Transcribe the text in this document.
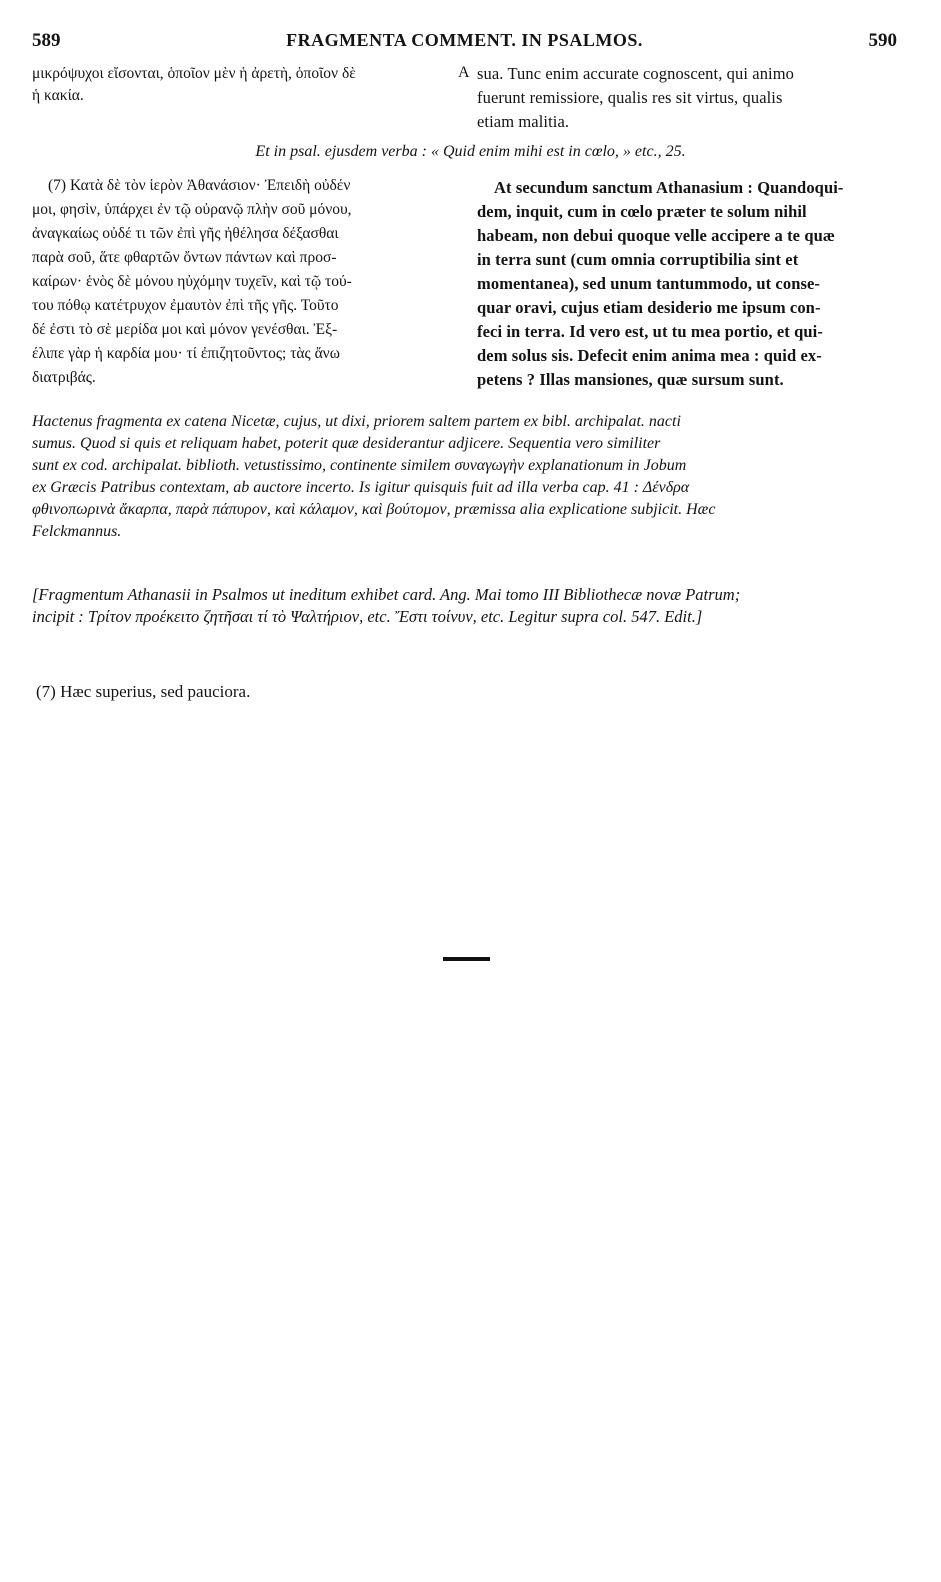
589	FRAGMENTA COMMENT. IN PSALMOS.	590
μικρόψυχοι εἴσονται, ὁποῖον μὲν ἡ ἀρετὴ, ὁποῖον δὲ
ἡ κακία.
A sua. Tunc enim accurate cognoscent, qui animo
fuerunt remissiore, qualis res sit virtus, qualis
etiam malitia.
Et in psal. ejusdem verba : « Quid enim mihi est in cœlo, » etc., 25.
(7) Κατὰ δὲ τὸν ἱερὸν Ἀθανάσιον· Ἐπειδὴ οὐδέν
μοι, φησὶν, ὑπάρχει ἐν τῷ οὐρανῷ πλὴν σοῦ μόνου,
ἀναγκαίως οὐδέ τι τῶν ἐπὶ γῆς ἠθέλησα δέξασθαι
παρὰ σοῦ, ἅτε φθαρτῶν ὄντων πάντων καὶ προσ-
καίρων· ἑνὸς δὲ μόνου ηὐχόμην τυχεῖν, καὶ τῷ τού-
του πόθῳ κατέτρυχον ἐμαυτὸν ἐπὶ τῆς γῆς. Τοῦτο
δέ ἐστι τὸ σὲ μερίδα μοι καὶ μόνον γενέσθαι. Ἐξ-
έλιπε γὰρ ἡ καρδία μου· τί ἐπιζητοῦντος; τὰς ἄνω
διατριβάς.
At secundum sanctum Athanasium : Quandoqui-
dem, inquit, cum in cœlo præter te solum nihil
habeam, non debui quoque velle accipere a te quæ
in terra sunt (cum omnia corruptibilia sint et
momentanea), sed unum tantummodo, ut conse-
quar oravi, cujus etiam desiderio me ipsum con-
feci in terra. Id vero est, ut tu mea portio, et qui-
dem solus sis. Defecit enim anima mea : quid ex-
petens ? Illas mansiones, quæ sursum sunt.
Hactenus fragmenta ex catena Nicetæ, cujus, ut dixi, priorem saltem partem ex bibl. archipalat. nacti
sumus. Quod si quis et reliquam habet, poterit quæ desiderantur adjicere. Sequentia vero similiter
sunt ex cod. archipalat. biblioth. vetustissimo, continente similem συναγωγὴν explanationum in Jobum
ex Græcis Patribus contextam, ab auctore incerto. Is igitur quisquis fuit ad illa verba cap. 41 : Δένδρα
φθινοπωρινὰ ἄκαρπα, παρὰ πάπυρον, καὶ κάλαμον, καὶ βούτομον, præmissa alia explicatione subjicit. Hæc
Felckmannus.
[Fragmentum Athanasii in Psalmos ut ineditum exhibet card. Ang. Mai tomo III Bibliothecæ novæ Patrum;
incipit : Τρίτον προέκειτο ζητῆσαι τί τὸ Ψαλτήριον, etc. Ἔστι τοίνυν, etc. Legitur supra col. 547. Edit.]
(7) Hæc superius, sed pauciora.
